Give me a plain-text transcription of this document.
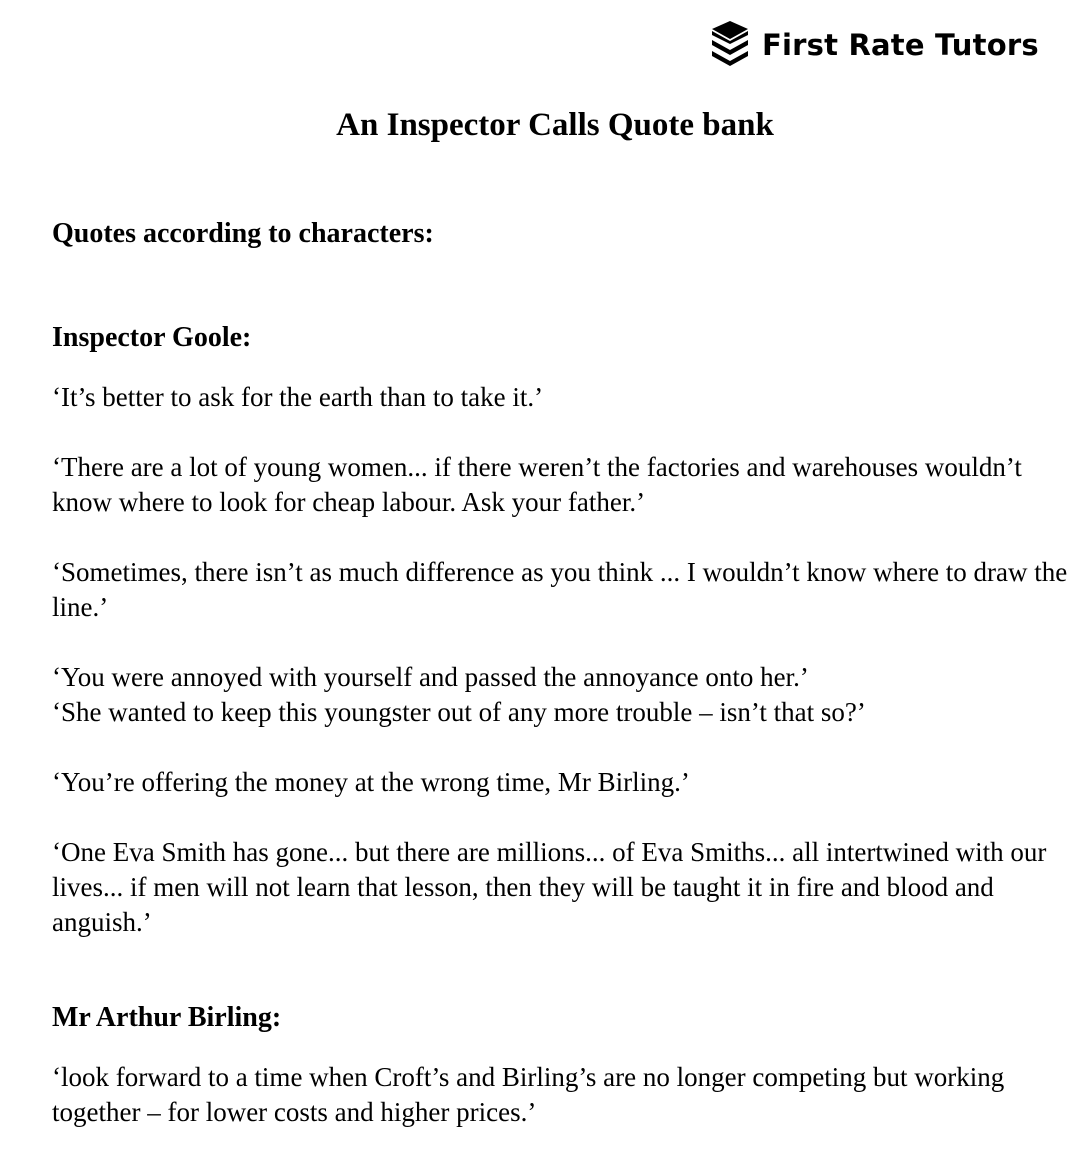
First Rate Tutors
An Inspector Calls Quote bank

Quotes according to characters:

Inspector Goole:

‘It’s better to ask for the earth than to take it.’

‘There are a lot of young women... if there weren’t the factories and warehouses wouldn’t know where to look for cheap labour. Ask your father.’

‘Sometimes, there isn’t as much difference as you think ... I wouldn’t know where to draw the line.’

‘You were annoyed with yourself and passed the annoyance onto her.’

‘She wanted to keep this youngster out of any more trouble – isn’t that so?’

‘You’re offering the money at the wrong time, Mr Birling.’

‘One Eva Smith has gone... but there are millions... of Eva Smiths... all intertwined with our lives... if men will not learn that lesson, then they will be taught it in fire and blood and anguish.’

Mr Arthur Birling:

‘look forward to a time when Croft’s and Birling’s are no longer competing but working together – for lower costs and higher prices.’
